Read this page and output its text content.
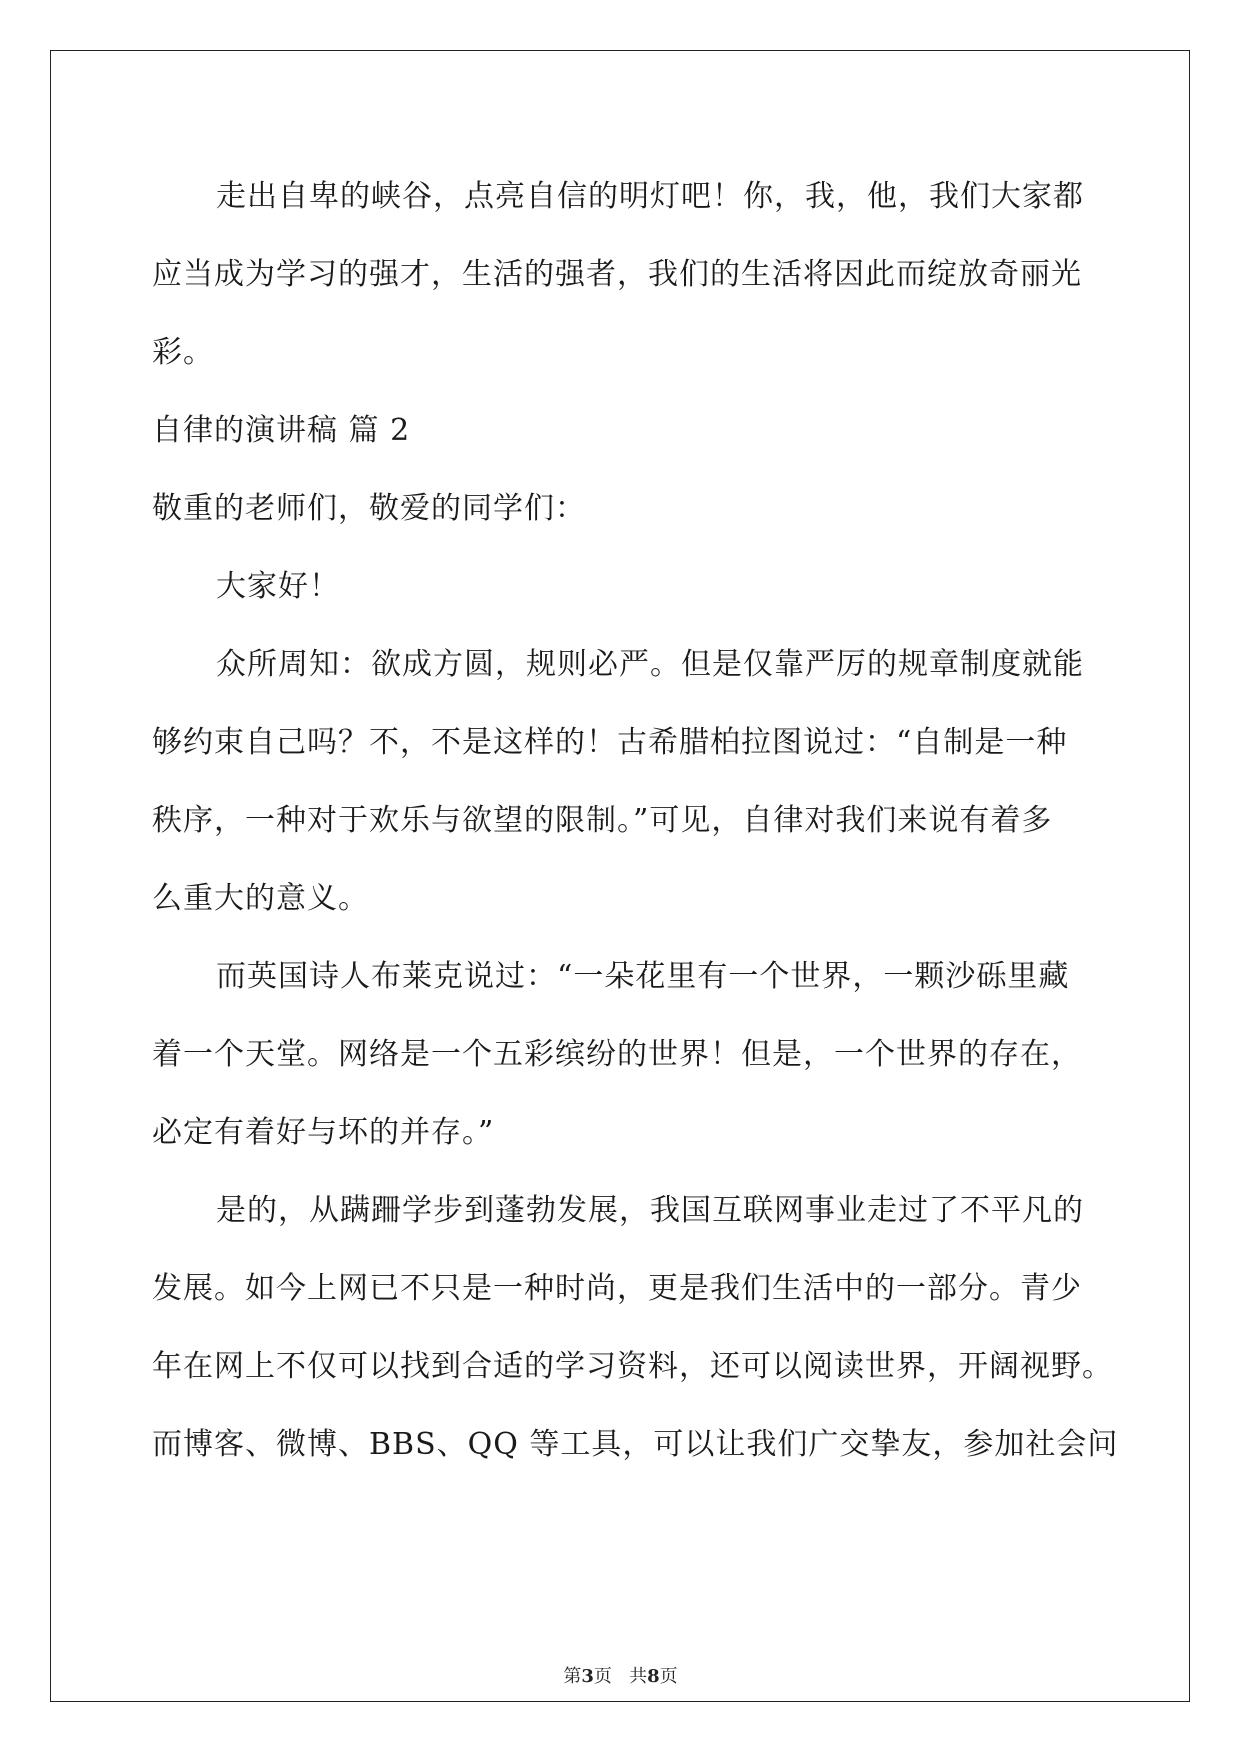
走出自卑的峡谷，点亮自信的明灯吧！你，我，他，我们大家都
应当成为学习的强才，生活的强者，我们的生活将因此而绽放奇丽光
彩。
自律的演讲稿 篇 2
敬重的老师们，敬爱的同学们：
大家好！
众所周知：欲成方圆，规则必严。但是仅靠严厉的规章制度就能
够约束自己吗？不，不是这样的！古希腊柏拉图说过：“自制是一种
秩序，一种对于欢乐与欲望的限制。”可见，自律对我们来说有着多
么重大的意义。
而英国诗人布莱克说过：“一朵花里有一个世界，一颗沙砾里藏
着一个天堂。网络是一个五彩缤纷的世界！但是，一个世界的存在，
必定有着好与坏的并存。”
是的，从蹒跚学步到蓬勃发展，我国互联网事业走过了不平凡的
发展。如今上网已不只是一种时尚，更是我们生活中的一部分。青少
年在网上不仅可以找到合适的学习资料，还可以阅读世界，开阔视野。
而博客、微博、BBS、QQ 等工具，可以让我们广交挚友，参加社会问
第3页   共8页
